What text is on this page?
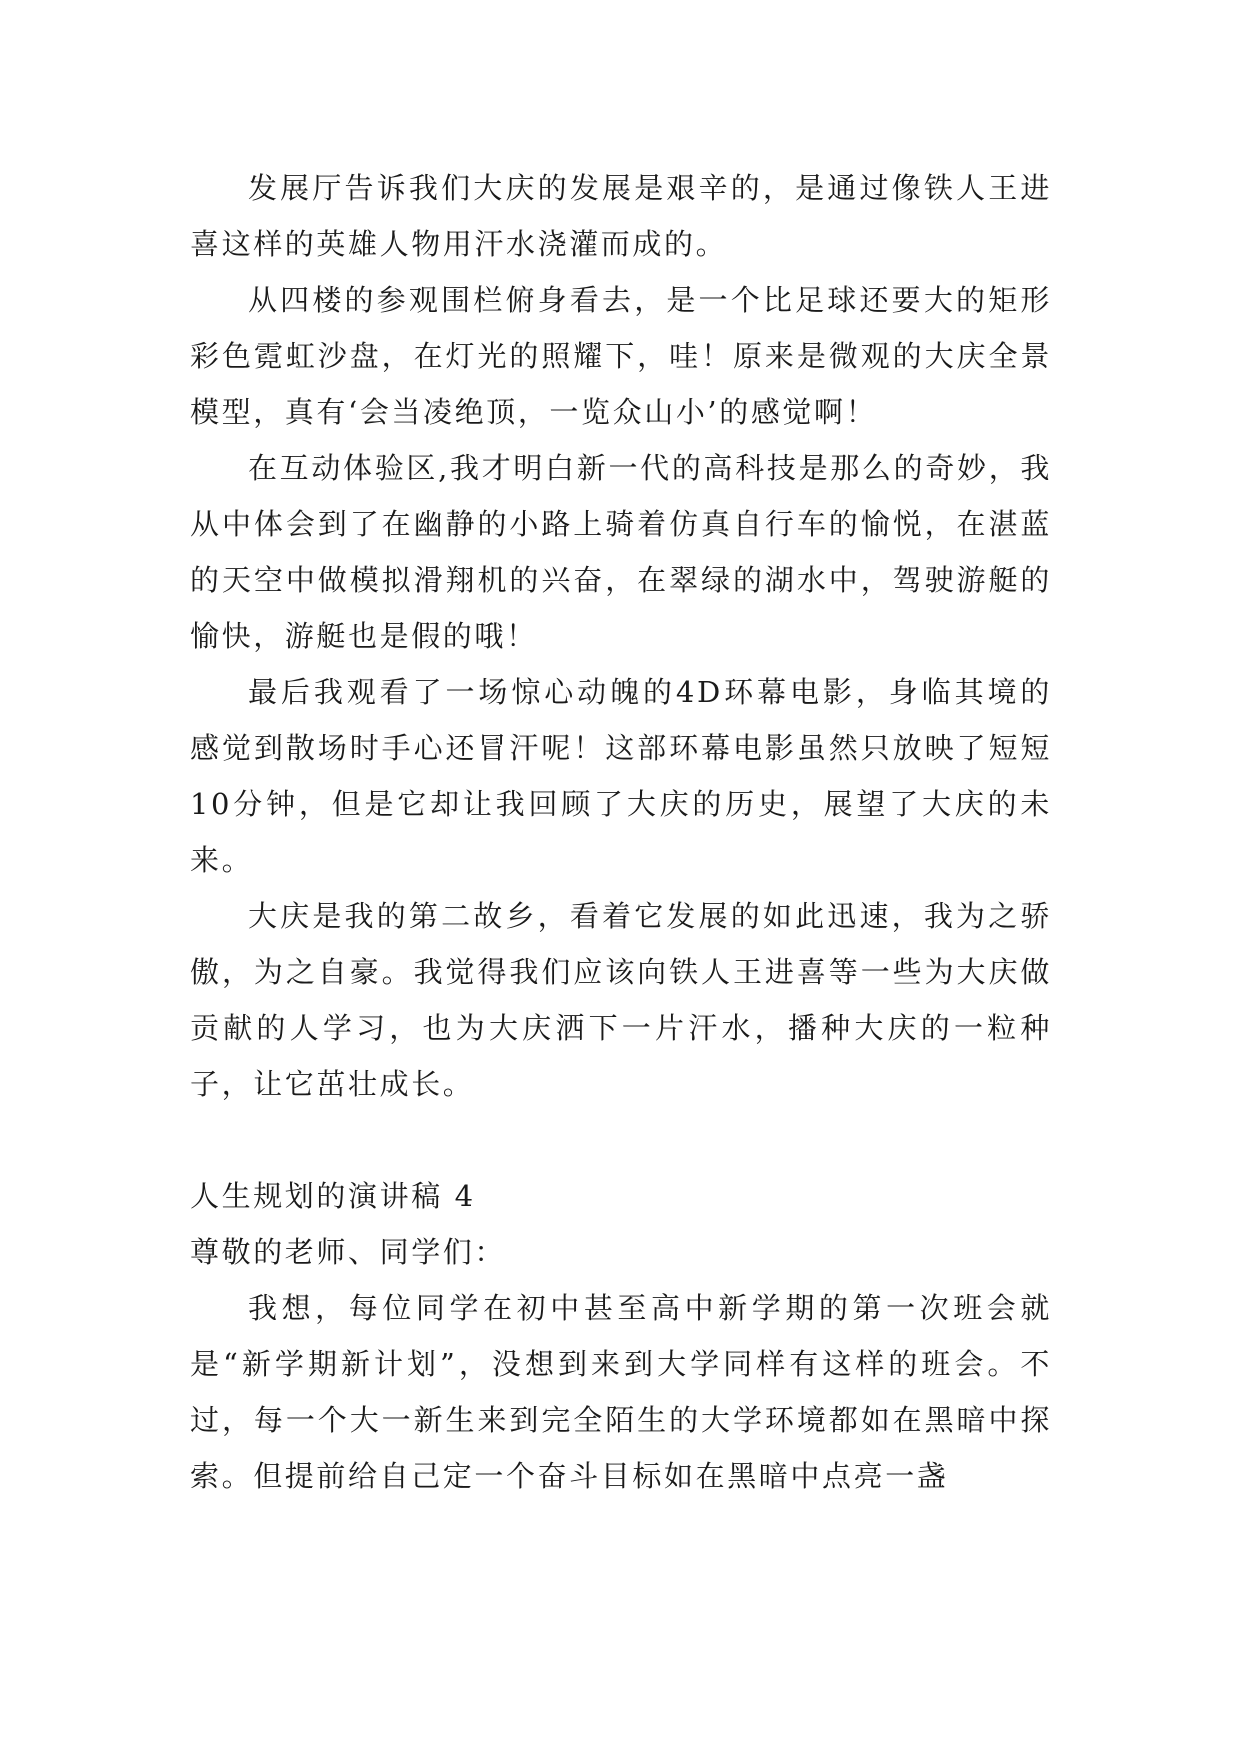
发展厅告诉我们大庆的发展是艰辛的，是通过像铁人王进喜这样的英雄人物用汗水浇灌而成的。

从四楼的参观围栏俯身看去，是一个比足球还要大的矩形彩色霓虹沙盘，在灯光的照耀下，哇！原来是微观的大庆全景模型，真有‘会当凌绝顶，一览众山小’的感觉啊！

在互动体验区,我才明白新一代的高科技是那么的奇妙，我从中体会到了在幽静的小路上骑着仿真自行车的愉悦，在湛蓝的天空中做模拟滑翔机的兴奋，在翠绿的湖水中，驾驶游艇的愉快，游艇也是假的哦！

最后我观看了一场惊心动魄的4D环幕电影，身临其境的感觉到散场时手心还冒汗呢！这部环幕电影虽然只放映了短短10分钟，但是它却让我回顾了大庆的历史，展望了大庆的未来。

大庆是我的第二故乡，看着它发展的如此迅速，我为之骄傲，为之自豪。我觉得我们应该向铁人王进喜等一些为大庆做贡献的人学习，也为大庆洒下一片汗水，播种大庆的一粒种子，让它茁壮成长。

人生规划的演讲稿 4

尊敬的老师、同学们：

我想，每位同学在初中甚至高中新学期的第一次班会就是“新学期新计划”，没想到来到大学同样有这样的班会。不过，每一个大一新生来到完全陌生的大学环境都如在黑暗中探索。但提前给自己定一个奋斗目标如在黑暗中点亮一盏
